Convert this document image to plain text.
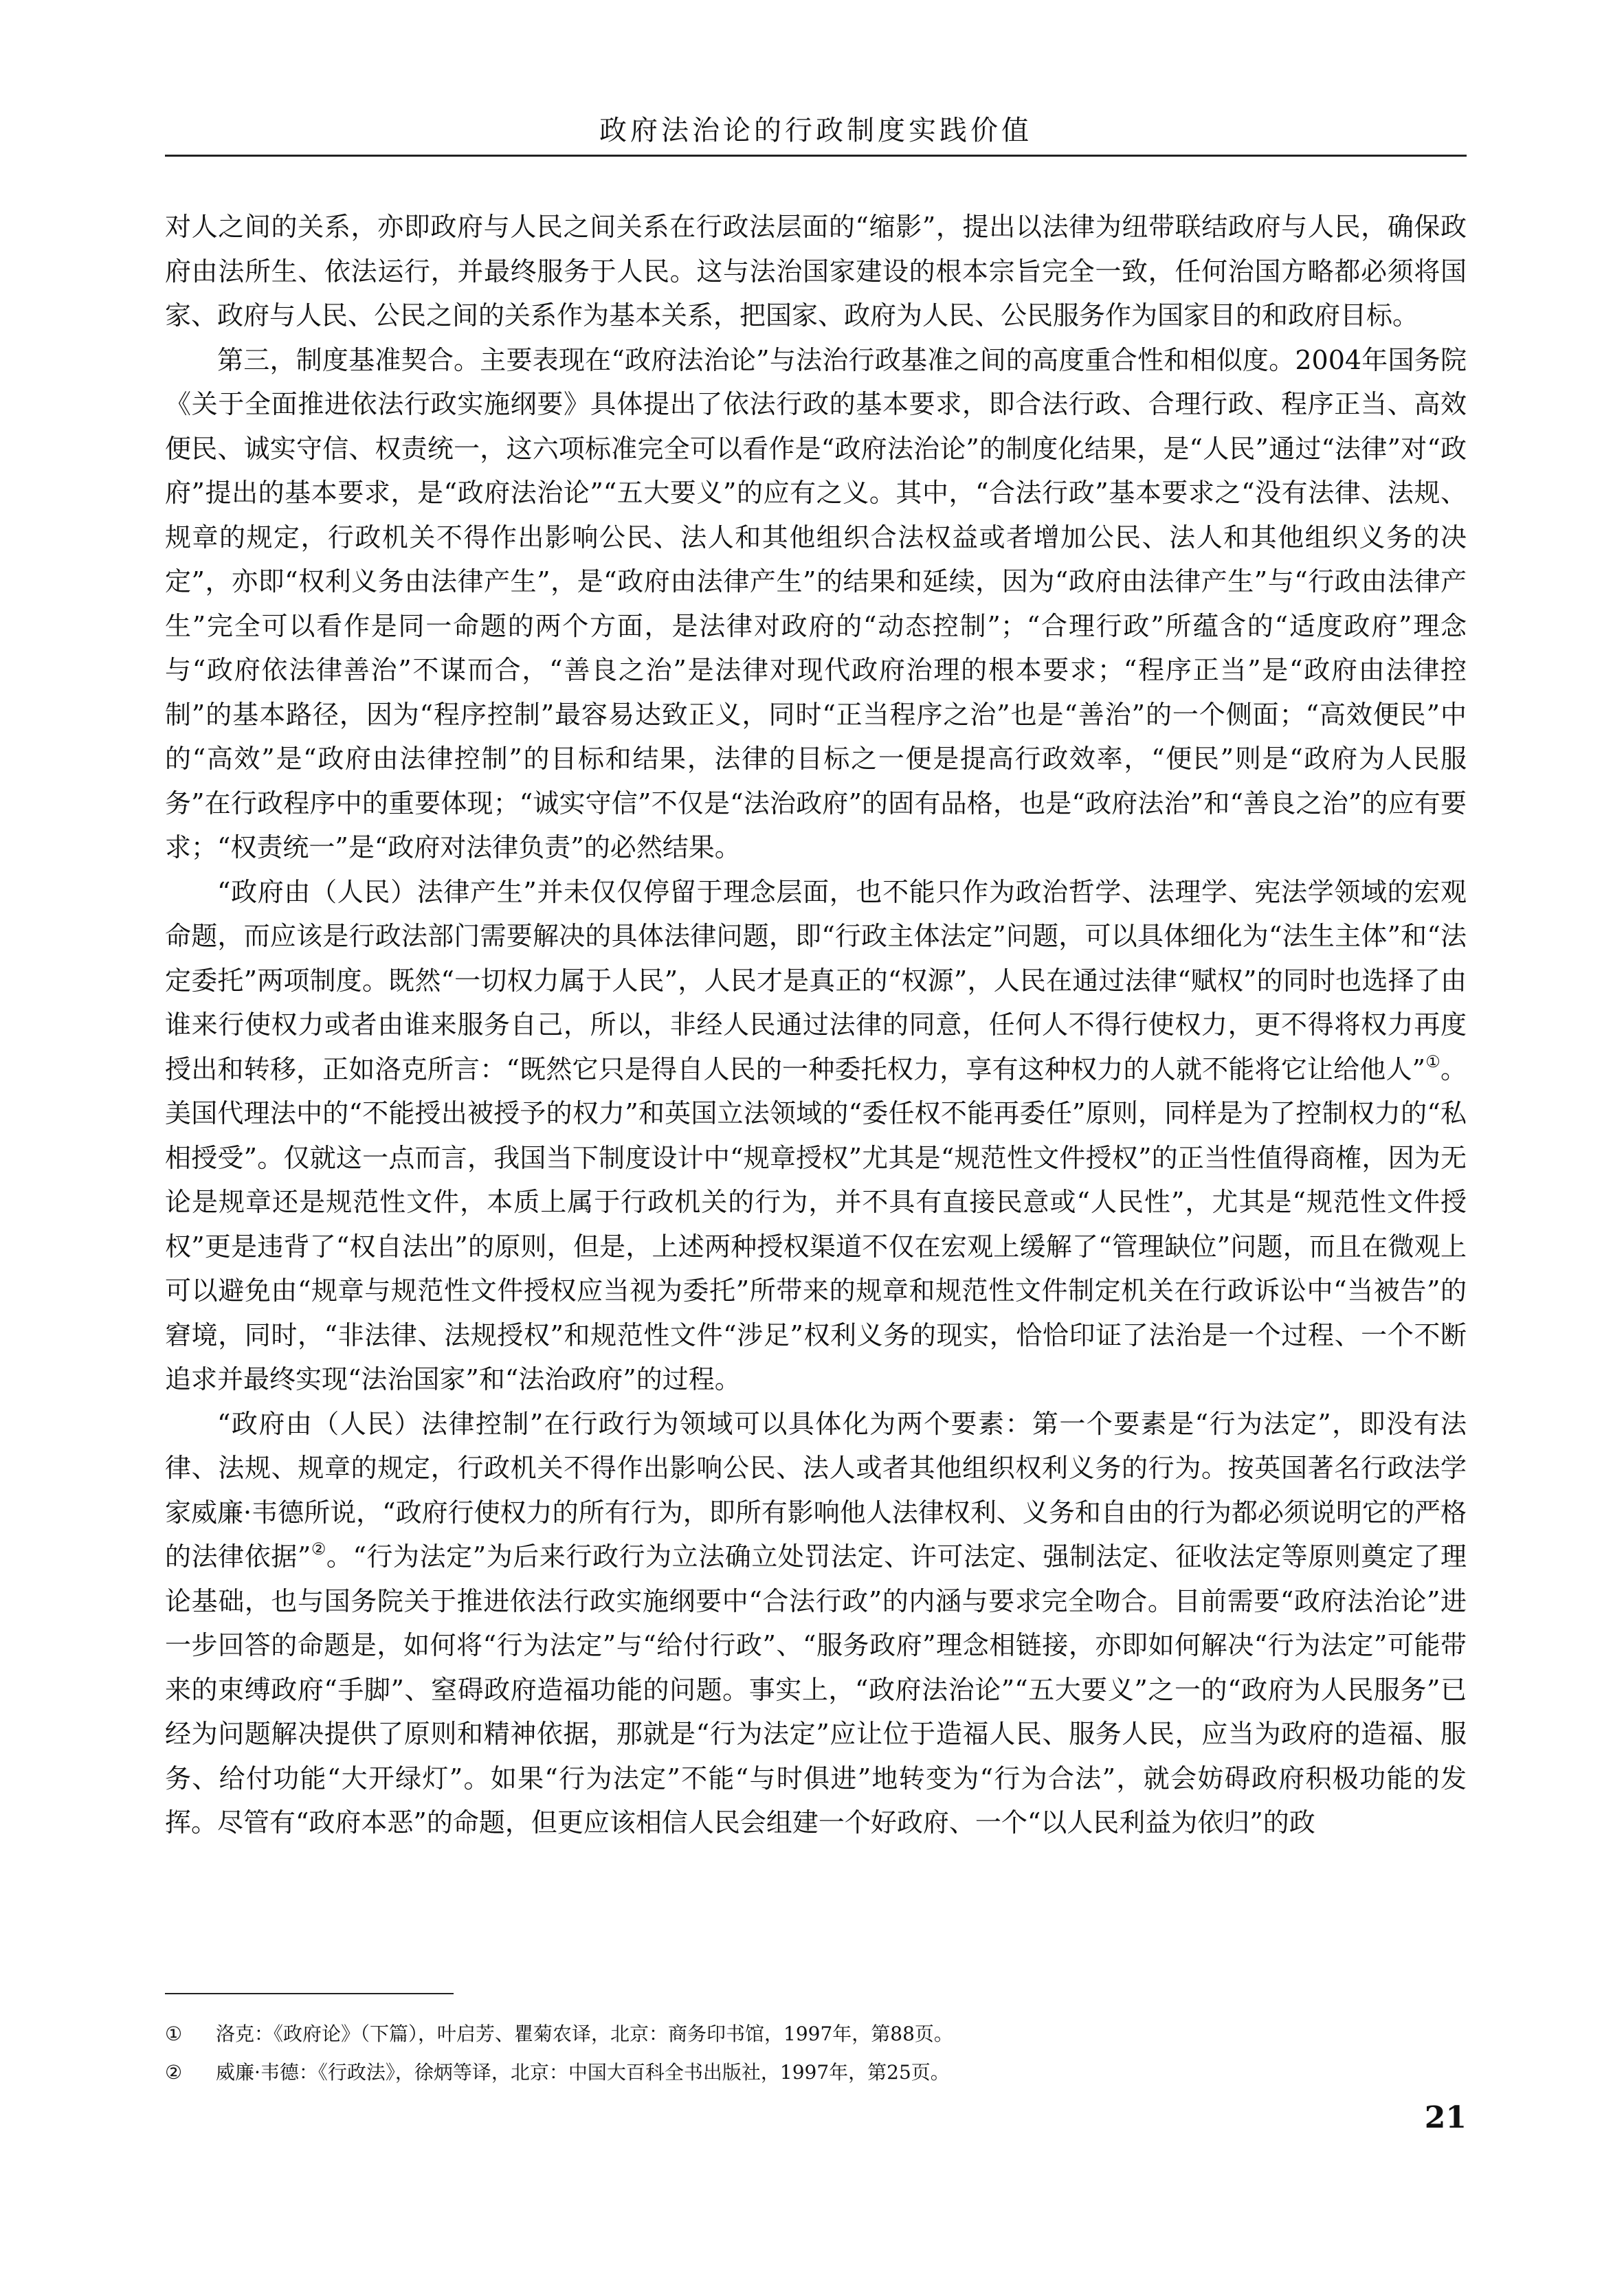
政府法治论的行政制度实践价值

对人之间的关系，亦即政府与人民之间关系在行政法层面的“缩影”，提出以法律为纽带联结政府与人民，确保政府由法所生、依法运行，并最终服务于人民。这与法治国家建设的根本宗旨完全一致，任何治国方略都必须将国家、政府与人民、公民之间的关系作为基本关系，把国家、政府为人民、公民服务作为国家目的和政府目标。

第三，制度基准契合。主要表现在“政府法治论”与法治行政基准之间的高度重合性和相似度。2004年国务院《关于全面推进依法行政实施纲要》具体提出了依法行政的基本要求，即合法行政、合理行政、程序正当、高效便民、诚实守信、权责统一，这六项标准完全可以看作是“政府法治论”的制度化结果，是“人民”通过“法律”对“政府”提出的基本要求，是“政府法治论”“五大要义”的应有之义。其中，“合法行政”基本要求之“没有法律、法规、规章的规定，行政机关不得作出影响公民、法人和其他组织合法权益或者增加公民、法人和其他组织义务的决定”，亦即“权利义务由法律产生”，是“政府由法律产生”的结果和延续，因为“政府由法律产生”与“行政由法律产生”完全可以看作是同一命题的两个方面，是法律对政府的“动态控制”；“合理行政”所蕴含的“适度政府”理念与“政府依法律善治”不谋而合，“善良之治”是法律对现代政府治理的根本要求；“程序正当”是“政府由法律控制”的基本路径，因为“程序控制”最容易达致正义，同时“正当程序之治”也是“善治”的一个侧面；“高效便民”中的“高效”是“政府由法律控制”的目标和结果，法律的目标之一便是提高行政效率，“便民”则是“政府为人民服务”在行政程序中的重要体现；“诚实守信”不仅是“法治政府”的固有品格，也是“政府法治”和“善良之治”的应有要求；“权责统一”是“政府对法律负责”的必然结果。

“政府由（人民）法律产生”并未仅仅停留于理念层面，也不能只作为政治哲学、法理学、宪法学领域的宏观命题，而应该是行政法部门需要解决的具体法律问题，即“行政主体法定”问题，可以具体细化为“法生主体”和“法定委托”两项制度。既然“一切权力属于人民”，人民才是真正的“权源”，人民在通过法律“赋权”的同时也选择了由谁来行使权力或者由谁来服务自己，所以，非经人民通过法律的同意，任何人不得行使权力，更不得将权力再度授出和转移，正如洛克所言：“既然它只是得自人民的一种委托权力，享有这种权力的人就不能将它让给他人”①。美国代理法中的“不能授出被授予的权力”和英国立法领域的“委任权不能再委任”原则，同样是为了控制权力的“私相授受”。仅就这一点而言，我国当下制度设计中“规章授权”尤其是“规范性文件授权”的正当性值得商榷，因为无论是规章还是规范性文件，本质上属于行政机关的行为，并不具有直接民意或“人民性”，尤其是“规范性文件授权”更是违背了“权自法出”的原则，但是，上述两种授权渠道不仅在宏观上缓解了“管理缺位”问题，而且在微观上可以避免由“规章与规范性文件授权应当视为委托”所带来的规章和规范性文件制定机关在行政诉讼中“当被告”的窘境，同时，“非法律、法规授权”和规范性文件“涉足”权利义务的现实，恰恰印证了法治是一个过程、一个不断追求并最终实现“法治国家”和“法治政府”的过程。

“政府由（人民）法律控制”在行政行为领域可以具体化为两个要素：第一个要素是“行为法定”，即没有法律、法规、规章的规定，行政机关不得作出影响公民、法人或者其他组织权利义务的行为。按英国著名行政法学家威廉·韦德所说，“政府行使权力的所有行为，即所有影响他人法律权利、义务和自由的行为都必须说明它的严格的法律依据”②。“行为法定”为后来行政行为立法确立处罚法定、许可法定、强制法定、征收法定等原则奠定了理论基础，也与国务院关于推进依法行政实施纲要中“合法行政”的内涵与要求完全吻合。目前需要“政府法治论”进一步回答的命题是，如何将“行为法定”与“给付行政”、“服务政府”理念相链接，亦即如何解决“行为法定”可能带来的束缚政府“手脚”、窒碍政府造福功能的问题。事实上，“政府法治论”“五大要义”之一的“政府为人民服务”已经为问题解决提供了原则和精神依据，那就是“行为法定”应让位于造福人民、服务人民，应当为政府的造福、服务、给付功能“大开绿灯”。如果“行为法定”不能“与时俱进”地转变为“行为合法”，就会妨碍政府积极功能的发挥。尽管有“政府本恶”的命题，但更应该相信人民会组建一个好政府、一个“以人民利益为依归”的政

① 洛克：《政府论》（下篇），叶启芳、瞿菊农译，北京：商务印书馆，1997年，第88页。

② 威廉·韦德：《行政法》，徐炳等译，北京：中国大百科全书出版社，1997年，第25页。

21
